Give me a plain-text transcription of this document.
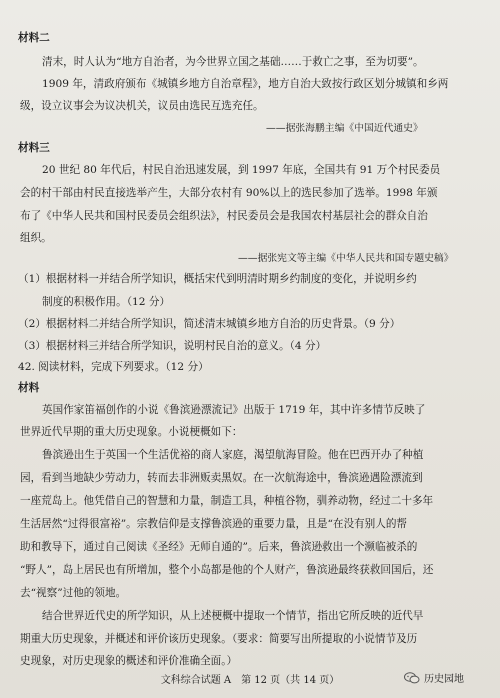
材料二
清末，时人认为“地方自治者，为今世界立国之基础……于救亡之事，至为切要”。
1909 年，清政府颁布《城镇乡地方自治章程》，地方自治大致按行政区划分城镇和乡两
级，设立议事会为议决机关，议员由选民互选充任。
——据张海鹏主编《中国近代通史》
材料三
20 世纪 80 年代后，村民自治迅速发展，到 1997 年底，全国共有 91 万个村民委员
会的村干部由村民直接选举产生，大部分农村有 90%以上的选民参加了选举。1998 年颁
布了《中华人民共和国村民委员会组织法》，村民委员会是我国农村基层社会的群众自治
组织。
——据张宪文等主编《中华人民共和国专题史稿》
（1）根据材料一并结合所学知识，概括宋代到明清时期乡约制度的变化，并说明乡约
制度的积极作用。（12 分）
（2）根据材料二并结合所学知识，简述清末城镇乡地方自治的历史背景。（9 分）
（3）根据材料三并结合所学知识，说明村民自治的意义。（4 分）
42. 阅读材料，完成下列要求。（12 分）
材料
英国作家笛福创作的小说《鲁滨逊漂流记》出版于 1719 年，其中许多情节反映了
世界近代早期的重大历史现象。小说梗概如下：
鲁滨逊出生于英国一个生活优裕的商人家庭，渴望航海冒险。他在巴西开办了种植
园，看到当地缺少劳动力，转而去非洲贩卖黑奴。在一次航海途中，鲁滨逊遇险漂流到
一座荒岛上。他凭借自己的智慧和力量，制造工具，种植谷物，驯养动物，经过二十多年
生活居然“过得很富裕”。宗教信仰是支撑鲁滨逊的重要力量，且是“在没有别人的帮
助和教导下，通过自己阅读《圣经》无师自通的”。后来，鲁滨逊救出一个濒临被杀的
“野人”，岛上居民也有所增加，整个小岛都是他的个人财产，鲁滨逊最终获救回国后，还
去“视察”过他的领地。
结合世界近代史的所学知识，从上述梗概中提取一个情节，指出它所反映的近代早
期重大历史现象，并概述和评价该历史现象。（要求：简要写出所提取的小说情节及历
史现象，对历史现象的概述和评价准确全面。）
文科综合试题 A　第 12 页（共 14 页）	历史园地
